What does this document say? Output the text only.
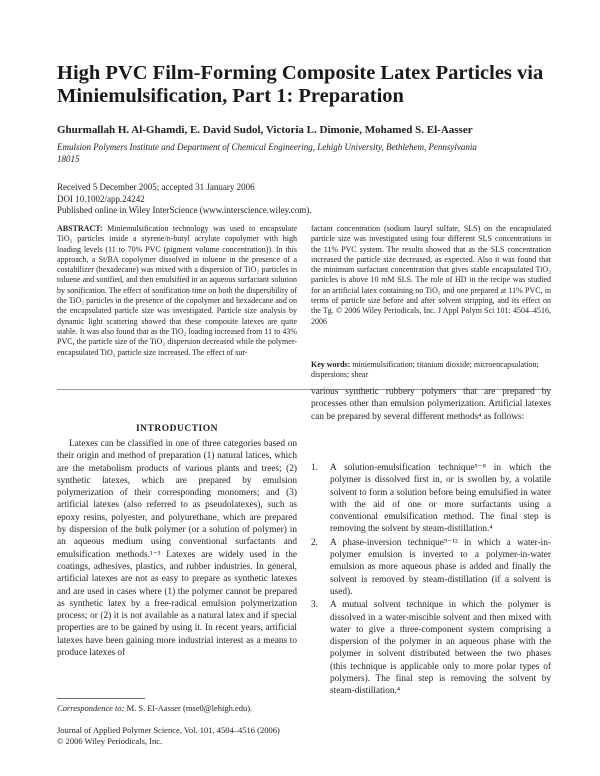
High PVC Film-Forming Composite Latex Particles via Miniemulsification, Part 1: Preparation
Ghurmallah H. Al-Ghamdi, E. David Sudol, Victoria L. Dimonie, Mohamed S. El-Aasser
Emulsion Polymers Institute and Department of Chemical Engineering, Lehigh University, Bethlehem, Pennsylvania 18015
Received 5 December 2005; accepted 31 January 2006
DOI 10.1002/app.24242
Published online in Wiley InterScience (www.interscience.wiley.com).
ABSTRACT: Miniemulsification technology was used to encapsulate TiO₂ particles inside a styrene/n-butyl acrylate copolymer with high loading levels (11 to 70% PVC (pigment volume concentration)). In this approach, a St/BA copolymer dissolved in toluene in the presence of a costabilizer (hexadecane) was mixed with a dispersion of TiO₂ particles in toluene and sonified, and then emulsified in an aqueous surfactant solution by sonification. The effect of sonification time on both the dispersibility of the TiO₂ particles in the presence of the copolymer and hexadecane and on the encapsulated particle size was investigated. Particle size analysis by dynamic light scattering showed that these composite latexes are quite stable. It was also found that as the TiO₂ loading increased from 11 to 43% PVC, the particle size of the TiO₂ dispersion decreased while the polymer-encapsulated TiO₂ particle size increased. The effect of sur-
factant concentration (sodium lauryl sulfate, SLS) on the encapsulated particle size was investigated using four different SLS concentrations in the 11% PVC system. The results showed that as the SLS concentration increased the particle size decreased, as expected. Also it was found that the minimum surfactant concentration that gives stable encapsulated TiO₂ particles is above 10 mM SLS. The role of HD in the recipe was studied for an artificial latex containing no TiO₂ and one prepared at 11% PVC, in terms of particle size before and after solvent stripping, and its effect on the Tg. © 2006 Wiley Periodicals, Inc. J Appl Polym Sci 101: 4504–4516, 2006
Key words: miniemulsification; titanium dioxide; microencapsulation; dispersions; shear
INTRODUCTION
Latexes can be classified in one of three categories based on their origin and method of preparation (1) natural latices, which are the metabolism products of various plants and trees; (2) synthetic latexes, which are prepared by emulsion polymerization of their corresponding monomers; and (3) artificial latexes (also referred to as pseudolatexes), such as epoxy resins, polyester, and polyurethane, which are prepared by dispersion of the bulk polymer (or a solution of polymer) in an aqueous medium using conventional surfactants and emulsification methods.¹⁻³ Latexes are widely used in the coatings, adhesives, plastics, and rubber industries. In general, artificial latexes are not as easy to prepare as synthetic latexes and are used in cases where (1) the polymer cannot be prepared as synthetic latex by a free-radical emulsion polymerization process; or (2) it is not available as a natural latex and if special properties are to be gained by using it. In recent years, artificial latexes have been gaining more industrial interest as a means to produce latexes of
various synthetic rubbery polymers that are prepared by processes other than emulsion polymerization. Artificial latexes can be prepared by several different methods⁴ as follows:
1. A solution-emulsification technique⁵⁻⁸ in which the polymer is dissolved first in, or is swollen by, a volatile solvent to form a solution before being emulsified in water with the aid of one or more surfactants using a conventional emulsification method. The final step is removing the solvent by steam-distillation.⁴
2. A phase-inversion technique⁹⁻¹² in which a water-in-polymer emulsion is inverted to a polymer-in-water emulsion as more aqueous phase is added and finally the solvent is removed by steam-distillation (if a solvent is used).
3. A mutual solvent technique in which the polymer is dissolved in a water-miscible solvent and then mixed with water to give a three-component system comprising a dispersion of the polymer in an aqueous phase with the polymer in solvent distributed between the two phases (this technique is applicable only to more polar types of polymers). The final step is removing the solvent by steam-distillation.⁴
Correspondence to: M. S. El-Aasser (mse0@lehigh.edu).
Journal of Applied Polymer Science, Vol. 101, 4504–4516 (2006)
© 2006 Wiley Periodicals, Inc.
